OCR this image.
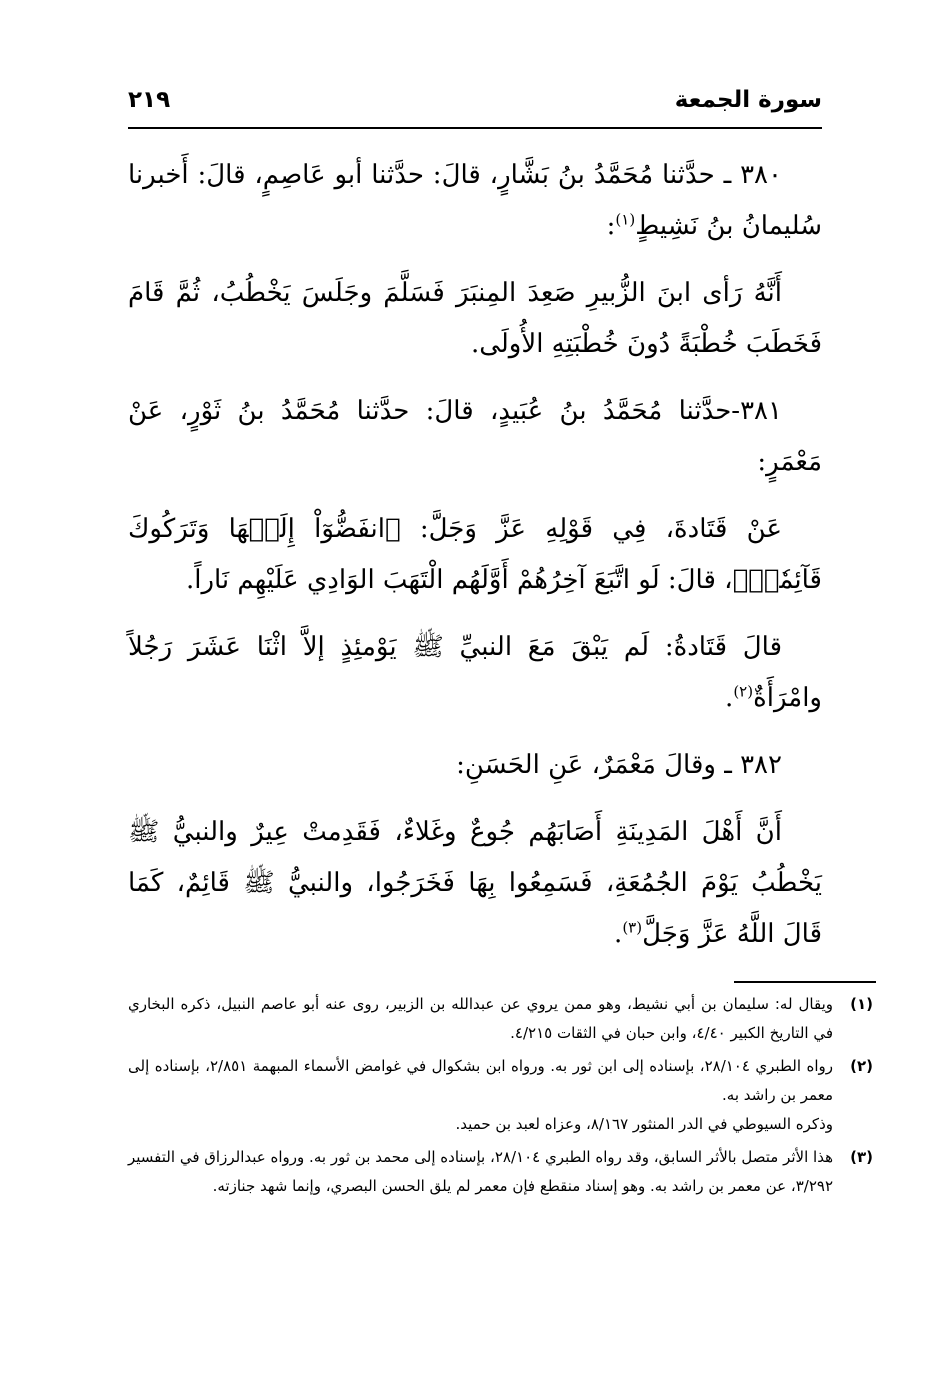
سورة الجمعة
٢١٩

٣٨٠ ـ حدَّثنا مُحَمَّدُ بنُ بَشَّارٍ، قالَ: حدَّثنا أبو عَاصِمٍ، قالَ: أَخبرنا سُليمانُ بنُ نَشِيطٍ$^{(١)}$:

أَنَّهُ رَأى ابنَ الزُّبيرِ صَعِدَ المِنبَرَ فَسَلَّمَ وجَلَسَ يَخْطُبُ، ثُمَّ قَامَ فَخَطَبَ خُطْبَةً دُونَ خُطْبَتِهِ الأُولَى.

٣٨١-حدَّثنا مُحَمَّدُ بنُ عُبَيدٍ، قالَ: حدَّثنا مُحَمَّدُ بنُ ثَوْرٍ، عَنْ مَعْمَرٍ:

عَنْ قَتَادةَ، فِي قَوْلِهِ عَزَّ وَجَلَّ: ﴿انفَضُّوٓاْ إِلَيۡهَا وَتَرَكُوكَ قَآئِمٗاۚ﴾، قالَ: لَو اتَّبَعَ آخِرُهُمْ أَوَّلَهُم الْتَهَبَ الوَادِي عَلَيْهِم نَاراً.

قالَ قَتَادةُ: لَم يَبْقَ مَعَ النبيِّ ﷺ يَوْمئِذٍ إلاَّ اثْنَا عَشَرَ رَجُلاً وامْرَأَةٌ$^{(٢)}$.

٣٨٢ ـ وقالَ مَعْمَرٌ، عَنِ الحَسَنِ:

أَنَّ أَهْلَ المَدِينَةِ أَصَابَهُم جُوعٌ وغَلاءٌ، فَقَدِمتْ عِيرٌ والنبيُّ ﷺ يَخْطُبُ يَوْمَ الجُمُعَةِ، فَسَمِعُوا بِهَا فَخَرَجُوا، والنبيُّ ﷺ قَائِمٌ، كَمَا قَالَ اللَّهُ عَزَّ وَجَلَّ$^{(٣)}$.

(١)
ويقال له: سليمان بن أبي نشيط، وهو ممن يروي عن عبدالله بن الزبير، روى عنه أبو عاصم النبيل، ذكره البخاري في التاريخ الكبير ٤/٤٠، وابن حبان في الثقات ٤/٢١٥.
(٢)
رواه الطبري ٢٨/١٠٤، بإسناده إلى ابن ثور به. ورواه ابن بشكوال في غوامض الأسماء المبهمة ٢/٨٥١، بإسناده إلى معمر بن راشد به.
وذكره السيوطي في الدر المنثور ٨/١٦٧، وعزاه لعبد بن حميد.
(٣)
هذا الأثر متصل بالأثر السابق، وقد رواه الطبري ٢٨/١٠٤، بإسناده إلى محمد بن ثور به. ورواه عبدالرزاق في التفسير ٣/٢٩٢، عن معمر بن راشد به. وهو إسناد منقطع فإن معمر لم يلق الحسن البصري، وإنما شهد جنازته.
